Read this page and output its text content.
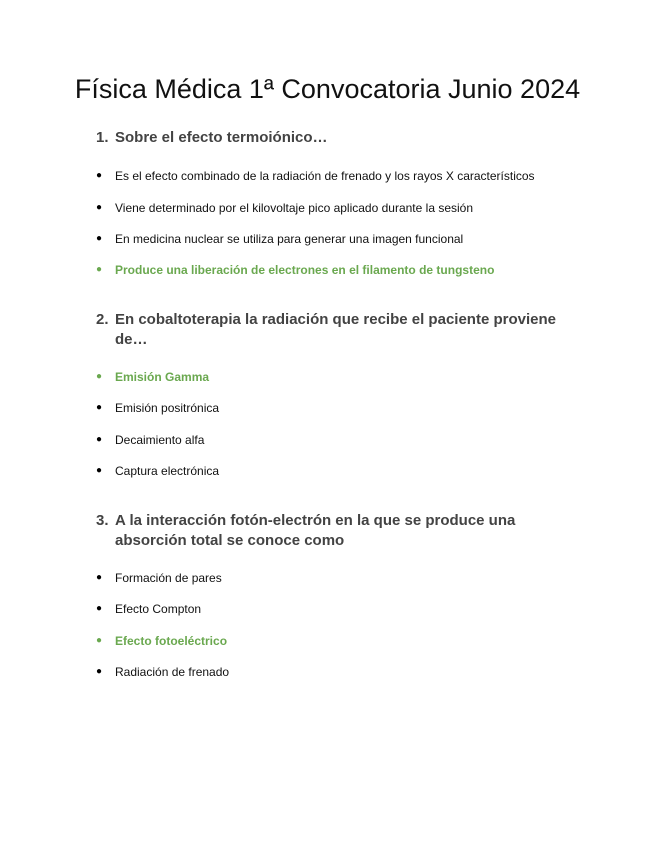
Física Médica 1ª Convocatoria Junio 2024
1. Sobre el efecto termoiónico…
●	Es el efecto combinado de la radiación de frenado y los rayos X característicos
●	Viene determinado por el kilovoltaje pico aplicado durante la sesión
●	En medicina nuclear se utiliza para generar una imagen funcional
●	Produce una liberación de electrones en el filamento de tungsteno
2. En cobaltoterapia la radiación que recibe el paciente proviene de…
●	Emisión Gamma
●	Emisión positrónica
●	Decaimiento alfa
●	Captura electrónica
3. A la interacción fotón-electrón en la que se produce una absorción total se conoce como
●	Formación de pares
●	Efecto Compton
●	Efecto fotoeléctrico
●	Radiación de frenado
